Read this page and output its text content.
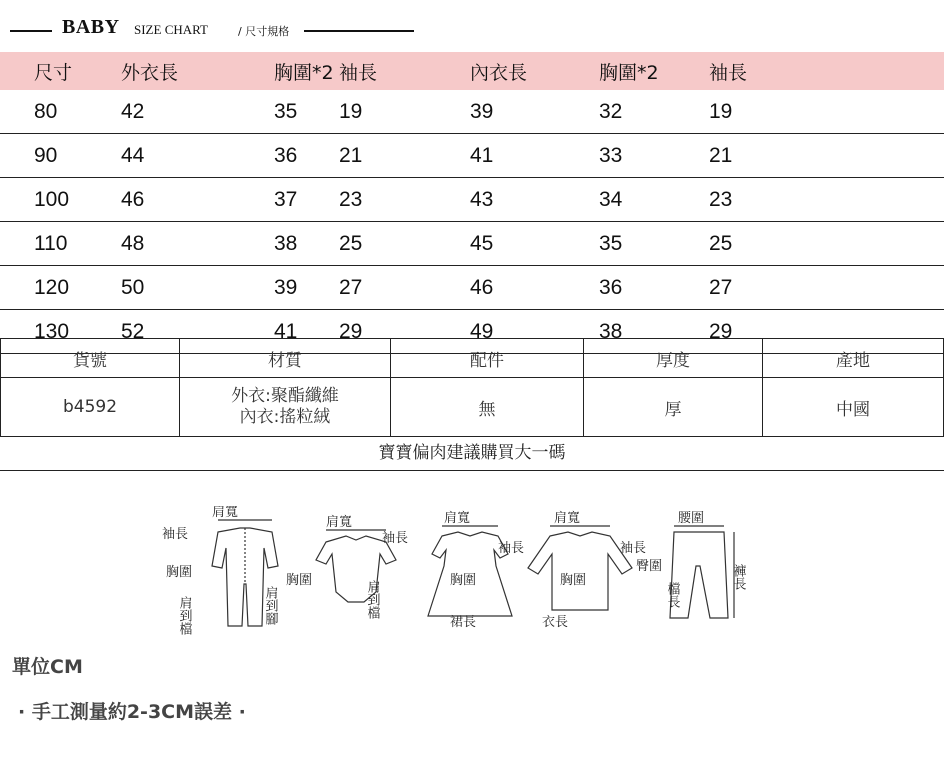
BABY SIZE CHART	/ 尺寸規格
尺寸	外衣長	胸圍*2	袖長	內衣長	胸圍*2	袖長
80	42	35	19	39	32	19
90	44	36	21	41	33	21
100	46	37	23	43	34	23
110	48	38	25	45	35	25
120	50	39	27	46	36	27
130	52	41	29	49	38	29
貨號	材質	配件	厚度	產地
b4592	外衣:聚酯纖維
內衣:搖粒絨	無	厚	中國
寶寶偏肉建議購買大一碼
肩寬
袖長
胸圍
肩到檔	肩到腳
肩寬
袖長
胸圍	肩到檔
肩寬
袖長
胸圍
裙長
肩寬
袖長
胸圍
衣長
腰圍
臀圍
檔長
褲長
單位CM
· 手工測量約2-3CM誤差 ·
